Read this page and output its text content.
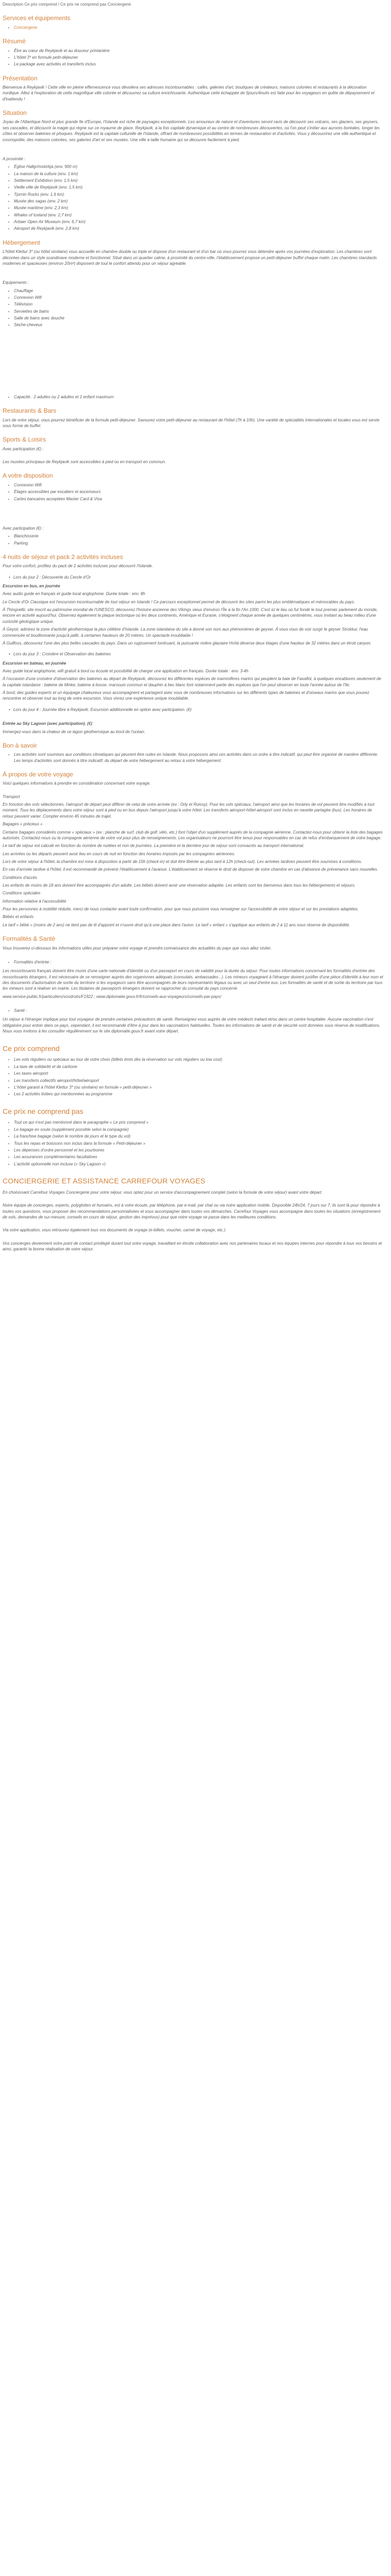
Description Ce prix comprend / Ce prix ne comprend pas Conciergerie
Services et équipements
• Conciergerie
Résumé
• Être au cœur de Reykjavik et au douceur printanière
• L'hôtel 3* en formule petit-déjeuner
• Le package avec activités et transferts inclus
Présentation

Bienvenue à Reykjavik ! Cette ville en pleine effervescence vous dévoilera ses adresses incontournables : cafés, galeries d'art, boutiques de créateurs, maisons colorées et restaurants à la décoration nordique. Allez à l'exploration de cette magnifique ville colorée et découvrez sa culture enrichissante. Authentique cette échappée de 5jours/4nuits est faite pour les voyageurs en quête de dépaysement et d'inattendu !

Situation

Joyau de l'Atlantique Nord et plus grande île d'Europe, l'Islande est riche de paysages exceptionnels. Les amoureux de nature et d'aventures seront ravis de découvrir ses volcans, ses glaciers, ses geysers, ses cascades, et découvrir la magie qui règne sur ce royaume de glace. Reykjavik, à la fois capitale dynamique et au centre de nombreuses découvertes, où l'on peut s'initier aux aurores boréales, longer les côtes et observer baleines et phoques. Reykjavik est la capitale culturelle de l'Islande, offrant de nombreuses possibilités en termes de restauration et d'activités. Vous y découvrirez une ville authentique et cosmopolite, des maisons colorées, ses galeries d'art et ses musées. Une ville à taille humaine qui se découvre facilement à pied.

A proximité :

• Église Hallgrímskirkja (env. 900 m)
• La maison de la culture (env. 1 km)
• Settlement Exhibition (env. 1,5 km)
• Vieille ville de Reykjavik (env. 1,5 km)
• Tjornin Rocks (env. 1,6 km)
• Musée des sagas (env. 2 km)
• Musée maritime (env. 2,3 km)
• Whales of Iceland (env. 2,7 km)
• Arbaer Open Air Museum (env. 6,7 km)
• Aéroport de Reykjavik (env. 2,8 km)
Hébergement

L'hôtel Klettur 3* (ou hôtel similaire) vous accueille en chambre double ou triple et dispose d'un restaurant et d'un bar où vous pourrez vous détendre après vos journées d'exploration. Les chambres sont décorées dans un style scandinave moderne et fonctionnel. Situé dans un quartier calme, à proximité du centre-ville, l'établissement propose un petit-déjeuner buffet chaque matin. Les chambres standards modernes et spacieuses (environ 20m²) disposent de tout le confort attendu pour un séjour agréable.

Equipements :

• Chauffage
• Connexion Wifi
• Télévision
• Serviettes de bains
• Salle de bains avec douche
• Sèche-cheveux
• Capacité : 2 adultes ou 2 adultes et 1 enfant maximum
Restaurants & Bars

Lors de votre séjour, vous pourrez bénéficier de la formule petit-déjeuner. Savourez votre petit-déjeuner au restaurant de l'hôtel (7h à 10h). Une variété de spécialités internationales et locales vous est servie sous forme de buffet.

Sports & Loisirs

Avec participation (€) :

Les musées principaux de Reykjavik sont accessibles à pied ou en transport en commun.

A votre disposition
• Connexion Wifi
• Étages accessibles par escaliers et ascenseurs
• Cartes bancaires acceptées Master Card & Visa

Avec participation (€) :

• Blanchisserie
• Parking
4 nuits de séjour et pack 2 activités incluses

Pour votre confort, profitez du pack de 2 activités incluses pour découvrir l'Islande.

• Lors du jour 2 : Découverte du Cercle d'Or

Excursion en bus, en journée

Avec audio guide en français et guide local anglophone. Durée totale : env. 8h

Le Cercle d'Or Classique est l'excursion incontournable de tout séjour en Islande ! Ce parcours exceptionnel permet de découvrir les sites parmi les plus emblématiques et mémorables du pays.

À Thingvellir, site inscrit au patrimoine mondial de l'UNESCO, découvrez l'histoire ancienne des Vikings vieux d'environ l'Île à la fin l'An 1000. C'est ici le lieu où fut fondé le tout premier parlement du monde, encore en activité aujourd'hui. Observez également la plaque tectonique où les deux continents, Amérique et Eurasie, s'éloignent chaque année de quelques centimètres, vous invitant au beau milieu d'une curiosité géologique unique.

À Geysir, admirez la zone d'activité géothermique la plus célèbre d'Islande. La zone islandaise du site a donné son nom aux phénomènes de geyser. À vous vous de voir surgir le geyser Strokkur, l'eau commencée et bouillonnante jusqu'à jaillir, à certaines hauteurs de 20 mètres. Un spectacle inoubliable !

À Gullfoss, découvrez l'une des plus belles cascades du pays. Dans un rugissement tonitruant, la puissante rivière glaciaire Hvítá déverse deux étages d'une hauteur de 32 mètres dans un étroit canyon.

• Lors du jour 3 : Croisière et Observation des baleines

Excursion en bateau, en journée

Avec guide local anglophone, wifi gratuit à bord ou écoute et possibilité de charger une application en français. Durée totale : env. 3-4h

À l'occasion d'une croisière d'observation des baleines au départ de Reykjavik, découvrez les différentes espèces de mammifères marins qui peuplent la baie de Faxaflói, à quelques encablures seulement de la capitale islandaise : baleine de Minke, baleine à bosse, marsouin commun et dauphin à bec blanc font notamment partie des espèces que l'on peut observer en toute l'année autour de l'île.

À bord, des guides experts et un équipage chaleureux vous accompagnent et partagent avec vous de nombreuses informations sur les différents types de baleines et d'oiseaux marins que vous pouvez rencontrer et observer tout au long de votre excursion. Vous vivrez une expérience unique inoubliable.

• Lors du jour 4 : Journée libre à Reykjavik. Excursion additionnelle en option avec participation. (€)

Entrée au Sky Lagoon (avec participation). (€)

Immergez-vous dans la chaleur de ce lagon géothermique au bord de l'océan.

Bon à savoir
• Les activités sont soumises aux conditions climatiques qui peuvent être rudes en Islande. Nous proposons ainsi ces activités dans un ordre à titre indicatif, qui peut être organisé de manière différente. Les temps d'activités sont donnés à titre indicatif, du départ de votre hébergement au retour à votre hébergement.
À propos de votre voyage

Voici quelques informations à prendre en considération concernant votre voyage.

Transport

En fonction des vols sélectionnés, l'aéroport de départ peut différer de celui de votre arrivée (ex : Orly et Roissy). Pour les vols spéciaux, l'aéroport ainsi que les horaires de vol peuvent être modifiés à tout moment. Tous les déplacements dans votre séjour sont à pied ou en bus depuis l'aéroport jusqu'à votre hôtel. Les transferts aéroport-hôtel-aéroport sont inclus en navette partagée (bus). Les horaires de retour peuvent varier. Compter environ 45 minutes de trajet.

Bagages « précieux »

Certains bagages considérés comme « spéciaux » (ex : planche de surf, club de golf, vélo, etc.) font l'objet d'un supplément auprès de la compagnie aérienne. Contactez-nous pour obtenir la liste des bagages autorisés. Contactez-nous ou la compagnie aérienne de votre vol pour plus de renseignements. Les organisateurs ne pourront être tenus pour responsables en cas de refus d'embarquement de votre bagage.

Le tarif de séjour est calculé en fonction du nombre de nuitées et non de journées. La première et la dernière jour de séjour sont consacrés au transport international.

Les arrivées ou les départs peuvent avoir lieu en cours de nuit en fonction des horaires imposés par les compagnies aériennes.

Lors de votre séjour à l'hôtel, la chambre est mise à disposition à partir de 15h (check-in) et doit être libérée au plus tard à 12h (check-out). Les arrivées tardives peuvent être soumises à conditions.

En cas d'arrivée tardive à l'hôtel, il est recommandé de prévenir l'établissement à l'avance. L'établissement se réserve le droit de disposer de votre chambre en cas d'absence de prévenance sans nouvelles.

Conditions d'accès

Les enfants de moins de 18 ans doivent être accompagnés d'un adulte. Les bébés doivent avoir une réservation adaptée. Les enfants sont les bienvenus dans tous les hébergements et séjours.

Conditions spéciales

Information relative à l'accessibilité

Pour les personnes à mobilité réduite, merci de nous contacter avant toute confirmation, pour que nous puissions vous renseigner sur l'accessibilité de votre séjour et sur les prestations adaptées.

Bébés et enfants

Le tarif « bébé » (moins de 2 ans) ne tient pas de lit d'appoint et n'ouvre droit qu'à une place dans l'avion. Le tarif « enfant » s'applique aux enfants de 2 à 11 ans sous réserve de disponibilité.

Formalités & Santé

Vous trouverez ci-dessous les informations utiles pour préparer votre voyage et prendre connaissance des actualités du pays que vous allez visiter.

• Formalités d'entrée :

Les ressortissants français doivent être munis d'une carte nationale d'identité ou d'un passeport en cours de validité pour la durée du séjour. Pour toutes informations concernant les formalités d'entrée des ressortissants étrangers, il est nécessaire de se renseigner auprès des organismes adéquats (consulats, ambassades...). Les mineurs voyageant à l'étranger doivent justifier d'une pièce d'identité à leur nom et des documents d'autorisation de sortie du territoire si les voyageurs sans être accompagnés de leurs représentants légaux ou avec un seul d'entre eux. Les formalités de santé et de sortie du territoire par tous les mineurs sont à réaliser en mairie. Les titulaires de passeports étrangers doivent se rapprocher du consulat du pays concerné.

www.service-public.fr/particuliers/vosdroits/F1922 ; www.diplomatie.gouv.fr/fr/conseils-aux-voyageurs/conseils-par-pays/

• Santé :

Un séjour à l'étranger implique pour tout voyageur de prendre certaines précautions de santé. Renseignez-vous auprès de votre médecin traitant et/ou dans un centre hospitalier. Aucune vaccination n'est obligatoire pour entrer dans ce pays, cependant, il est recommandé d'être à jour dans les vaccinations habituelles. Toutes les informations de santé et de sécurité sont données sous réserve de modifications. Nous vous invitons à les consulter régulièrement sur le site diplomatie.gouv.fr avant votre départ.

Ce prix comprend
• Les vols réguliers ou spéciaux au tour de votre choix (billets émis dès la réservation sur vols réguliers ou low cost)
• La taxe de solidarité et de carbone
• Les taxes aéroport
• Les transferts collectifs aéroport/hôtel/aéroport
• L'hôtel garanti à l'hôtel Klettur 3* (ou similaire) en formule « petit-déjeuner »
• Les 2 activités listées qui mentionnées au programme
Ce prix ne comprend pas
• Tout ce qui n'est pas mentionné dans le paragraphe « Le prix comprend »
• Le bagage en soute (supplément possible selon la compagnie)
• La franchise bagage (selon le nombre de jours et le type du vol)
• Tous les repas et boissons non inclus dans la formule « Petit-déjeuner »
• Les dépenses d'ordre personnel et les pourboires
• Les assurances complémentaires facultatives
• L'activité optionnelle non incluse (« Sky Lagoon »)
CONCIERGERIE ET ASSISTANCE CARREFOUR VOYAGES

En choisissant Carrefour Voyages Conciergerie pour votre séjour, vous optez pour un service d'accompagnement complet (selon la formule de votre séjour) avant votre départ.

Notre équipe de concierges, experts, polyglottes et humains, est à votre écoute, par téléphone, par e-mail, par chat ou via notre application mobile. Disponible 24h/24, 7 jours sur 7, ils sont là pour répondre à toutes vos questions, vous proposer des recommandations personnalisées et vous accompagner dans toutes vos démarches. Carrefour Voyages vous accompagne dans toutes les situations (enregistrement de vols, demandes de sur-mesure, conseils en cours de séjour, gestion des imprévus) pour que votre voyage se passe dans les meilleures conditions.

Via votre application, vous retrouvez également tous vos documents de voyage (e-billets, voucher, carnet de voyage, etc.).

Vos concierges deviennent votre point de contact privilégié durant tout votre voyage, travaillant en étroite collaboration avec nos partenaires locaux et nos équipes internes pour répondre à tous vos besoins et ainsi, garantir la bonne réalisation de votre séjour.
